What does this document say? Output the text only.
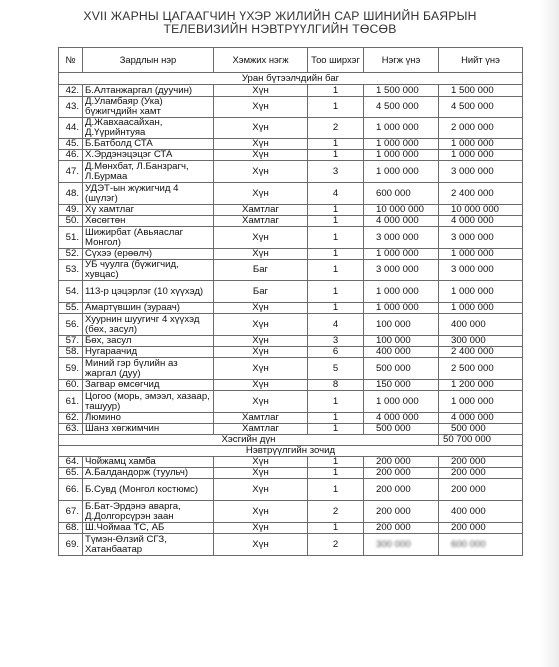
XVII ЖАРНЫ ЦАГААГЧИН ҮХЭР ЖИЛИЙН САР ШИНИЙН БАЯРЫН
ТЕЛЕВИЗИЙН НЭВТРҮҮЛГИЙН ТӨСӨВ
№	Зардлын нэр	Хэмжих нэгж	Тоо ширхэг	Нэгж үнэ	Нийт үнэ
Уран бүтээлчдийн баг					
42.	Б.Алтанжаргал (дуучин)	Хүн	1	1 500 000	1 500 000
43.	Д.Уламбаяр (Ука) бүжигчдийн хамт	Хүн	1	4 500 000	4 500 000
44.	Д.Жавхаасайхан, Д.Үүрийнтуяа	Хүн	2	1 000 000	2 000 000
45.	Б.Батболд СТА	Хүн	1	1 000 000	1 000 000
46.	Х.Эрдэнэцэцэг СТА	Хүн	1	1 000 000	1 000 000
47.	Д.Мөнхбат, Л.Банзрагч, Л.Бурмаа	Хүн	3	1 000 000	3 000 000
48.	УДЭТ-ын жүжигчид 4 (шүлэг)	Хүн	4	600 000	2 400 000
49.	Хү хамтлаг	Хамтлаг	1	10 000 000	10 000 000
50.	Хөсөгтөн	Хамтлаг	1	4 000 000	4 000 000
51.	Шижирбат (Авьяаслаг Монгол)	Хүн	1	3 000 000	3 000 000
52.	Сүхээ (ерөөлч)	Хүн	1	1 000 000	1 000 000
53.	УБ чуулга (бүжигчид, хувцас)	Баг	1	3 000 000	3 000 000
54.	113-р цэцэрлэг (10 хүүхэд)	Баг	1	1 000 000	1 000 000
55.	Амартүвшин (зураач)	Хүн	1	1 000 000	1 000 000
56.	Хуурнин шуугичг 4 хүүхэд (бөх, засул)	Хүн	4	100 000	400 000
57.	Бөх, засул	Хүн	3	100 000	300 000
58.	Нугараачид	Хүн	6	400 000	2 400 000
59.	Миний гэр бүлийн аз жаргал (дуу)	Хүн	5	500 000	2 500 000
60.	Загвар өмсөгчид	Хүн	8	150 000	1 200 000
61.	Цогоо (морь, эмээл, хазаар, ташуур)	Хүн	1	1 000 000	1 000 000
62.	Люмино	Хамтлаг	1	4 000 000	4 000 000
63.	Шанз хөгжимчин	Хамтлаг	1	500 000	500 000
Хэсгийн дүн					50 700 000
Нэвтрүүлгийн зочид					
64.	Чойжамц хамба	Хүн	1	200 000	200 000
65.	А.Балдандорж (туульч)	Хүн	1	200 000	200 000
66.	Б.Сувд (Монгол костюмс)	Хүн	1	200 000	200 000
67.	Б.Бат-Эрдэнэ аварга, Д.Долгорсүрэн заан	Хүн	2	200 000	400 000
68.	Ш.Чоймаа ТС, АБ	Хүн	1	200 000	200 000
69.	Түмэн-Өлзий СГЗ, Хатанбаатар	Хүн	2	300 000	600 000
